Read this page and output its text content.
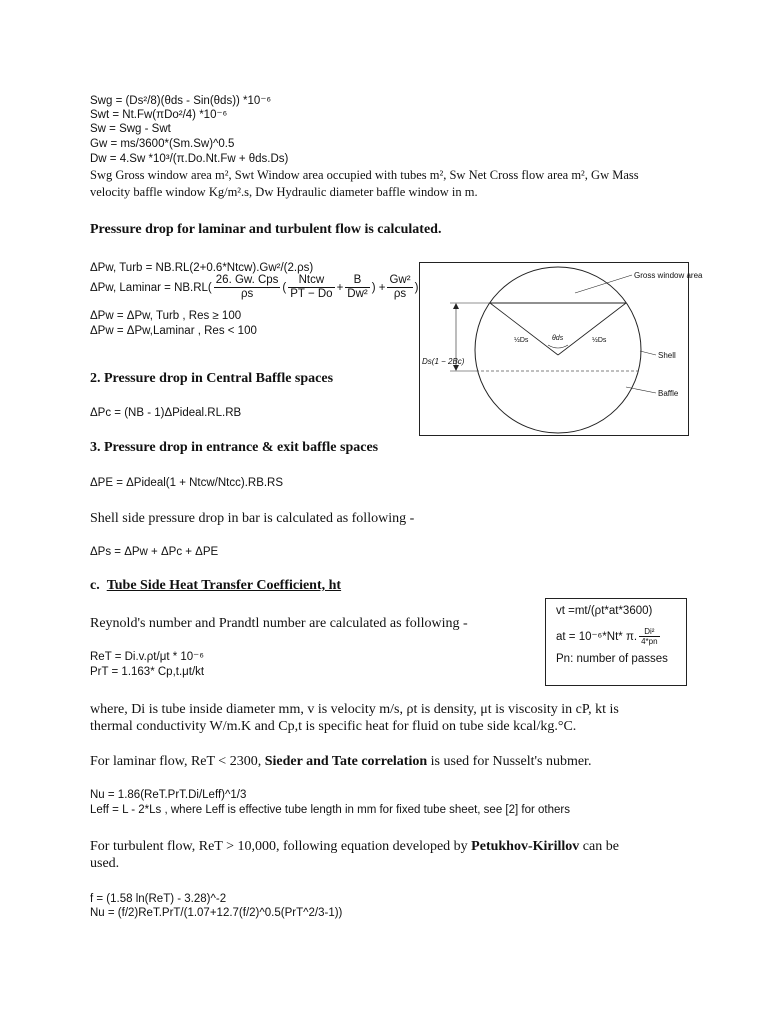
Swg = (Ds²/8)(θds - Sin(θds)) *10⁻⁶
Swt = Nt.Fw(πDo²/4) *10⁻⁶
Sw = Swg - Swt
Gw = ms/3600*(Sm.Sw)^0.5
Dw = 4.Sw *10³/(π.Do.Nt.Fw + θds.Ds)
Swg Gross window area m², Swt Window area occupied with tubes m², Sw Net Cross flow area m², Gw Mass
velocity baffle window Kg/m².s, Dw Hydraulic diameter baffle window in m.
Pressure drop for laminar and turbulent flow is calculated.
ΔPw, Turb = NB.RL(2+0.6*Ntcw).Gw²/(2.ρs)
ΔPw, Laminar = $NB.RL( \frac{\text{26. Gw. Cps}}{\rho s}$ ( $\frac{\text{Ntcw}}{PT - Do} + \frac{B}{\text{Dw²}}$ ) + $\frac{\text{Gw²}}{\rho s}$ )
ΔPw = ΔPw, Turb , Res ≥ 100
ΔPw = ΔPw,Laminar , Res < 100
Gross window area
Shell
Baffle
Ds(1 − 2Bc)
½Ds	½Ds
θds
2. Pressure drop in Central Baffle spaces
ΔPc = (NB - 1)ΔPideal.RL.RB
3. Pressure drop in entrance & exit baffle spaces
ΔPE = ΔPideal(1 + Ntcw/Ntcc).RB.RS
Shell side pressure drop in bar is calculated as following -
ΔPs = ΔPw + ΔPc + ΔPE
c. Tube Side Heat Transfer Coefficient, ht
Reynold's number and Prandtl number are calculated as following -
ReT = Di.v.ρt/μt * 10⁻⁶
PrT = 1.163* Cp,t.μt/kt
vt =mt/(ρt*at*3600)
at = 10⁻⁶*Nt* π. $\frac{\text{Di²}}{4*pn}$
Pn: number of passes
where, Di is tube inside diameter mm, v is velocity m/s, ρt is density, μt is viscosity in cP, kt is
thermal conductivity W/m.K and Cp,t is specific heat for fluid on tube side kcal/kg.°C.
For laminar flow, ReT < 2300, Sieder and Tate correlation is used for Nusselt's nubmer.
Nu = 1.86(ReT.PrT.Di/Leff)^1/3
Leff = L - 2*Ls , where Leff is effective tube length in mm for fixed tube sheet, see [2] for others
For turbulent flow, ReT > 10,000, following equation developed by Petukhov-Kirillov can be
used.
f = (1.58 ln(ReT) - 3.28)^-2
Nu = (f/2)ReT.PrT/(1.07+12.7(f/2)^0.5(PrT^2/3-1))
